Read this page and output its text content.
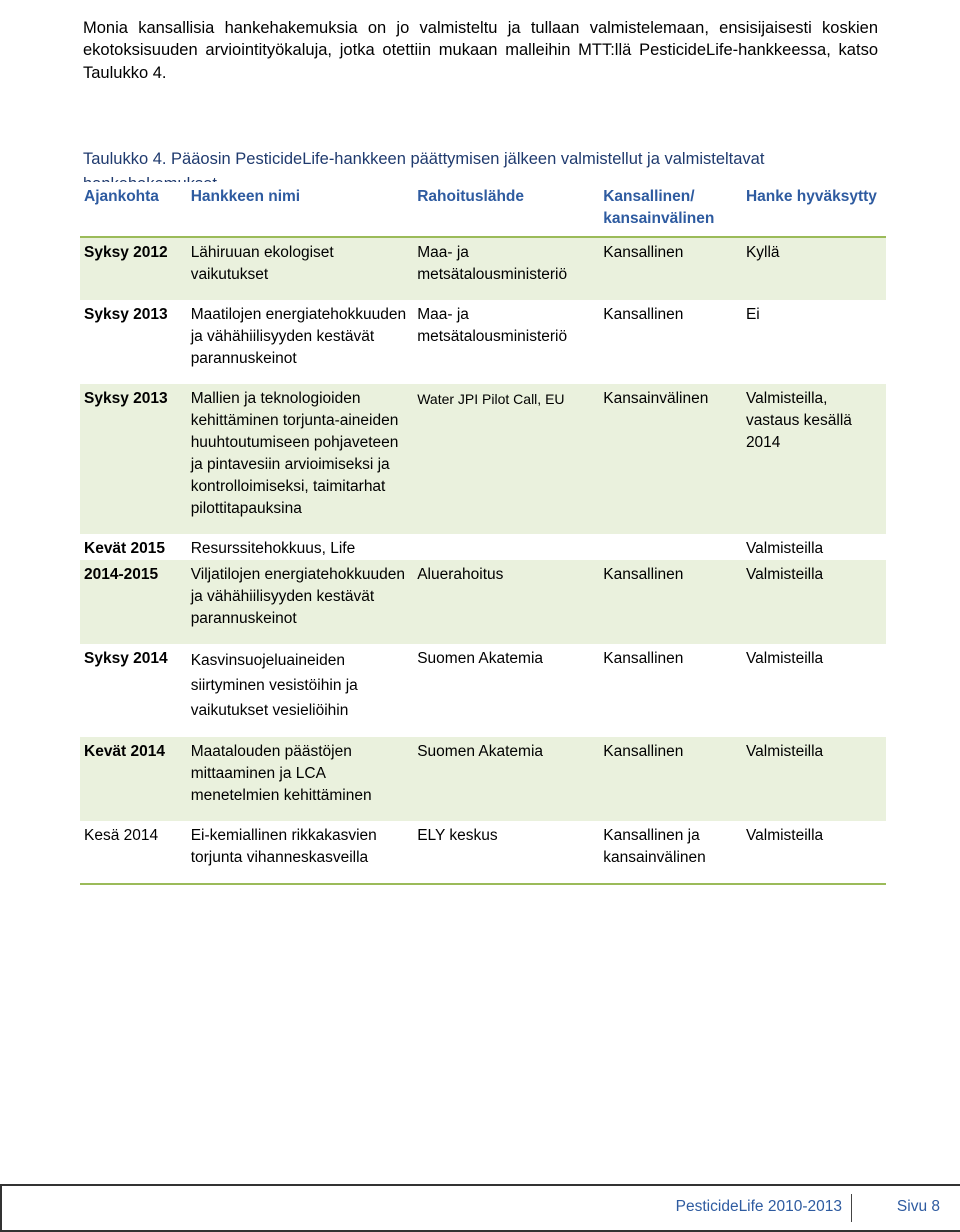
Monia kansallisia hankehakemuksia on jo valmisteltu ja tullaan valmistelemaan, ensisijaisesti koskien ekotoksisuuden arviointityökaluja, jotka otettiin mukaan malleihin MTT:llä PesticideLife-hankkeessa, katso Taulukko 4.

Taulukko 4. Pääosin PesticideLife-hankkeen päättymisen jälkeen valmistellut ja valmisteltavat

Ajankohta	Hankkeen nimi	Rahoituslähde	Kansallinen/ kansainvälinen	Hanke hyväksytty
Syksy 2012	Lähiruuan ekologiset vaikutukset	Maa- ja metsätalousministeriö	Kansallinen	Kyllä
Syksy 2013	Maatilojen energiatehokkuuden ja vähähiilisyyden kestävät parannuskeinot	Maa- ja metsätalousministeriö	Kansallinen	Ei
Syksy 2013	Mallien ja teknologioiden kehittäminen torjunta-aineiden huuhtoutumiseen pohjaveteen ja pintavesiin arvioimiseksi ja kontrolloimiseksi, taimitarhat pilottitapauksina	Water JPI Pilot Call, EU	Kansainvälinen	Valmisteilla, vastaus kesällä 2014
Kevät 2015	Resurssitehokkuus, Life			Valmisteilla
2014-2015	Viljatilojen energiatehokkuuden ja vähähiilisyyden kestävät parannuskeinot	Aluerahoitus	Kansallinen	Valmisteilla
Syksy 2014	Kasvinsuojeluaineiden siirtyminen vesistöihin ja vaikutukset vesieliöihin	Suomen Akatemia	Kansallinen	Valmisteilla
Kevät 2014	Maatalouden päästöjen mittaaminen ja LCA menetelmien kehittäminen	Suomen Akatemia	Kansallinen	Valmisteilla
Kesä 2014	Ei-kemiallinen rikkakasvien torjunta vihanneskasveilla	ELY keskus	Kansallinen ja kansainvälinen	Valmisteilla
PesticideLife 2010-2013	Sivu 8
